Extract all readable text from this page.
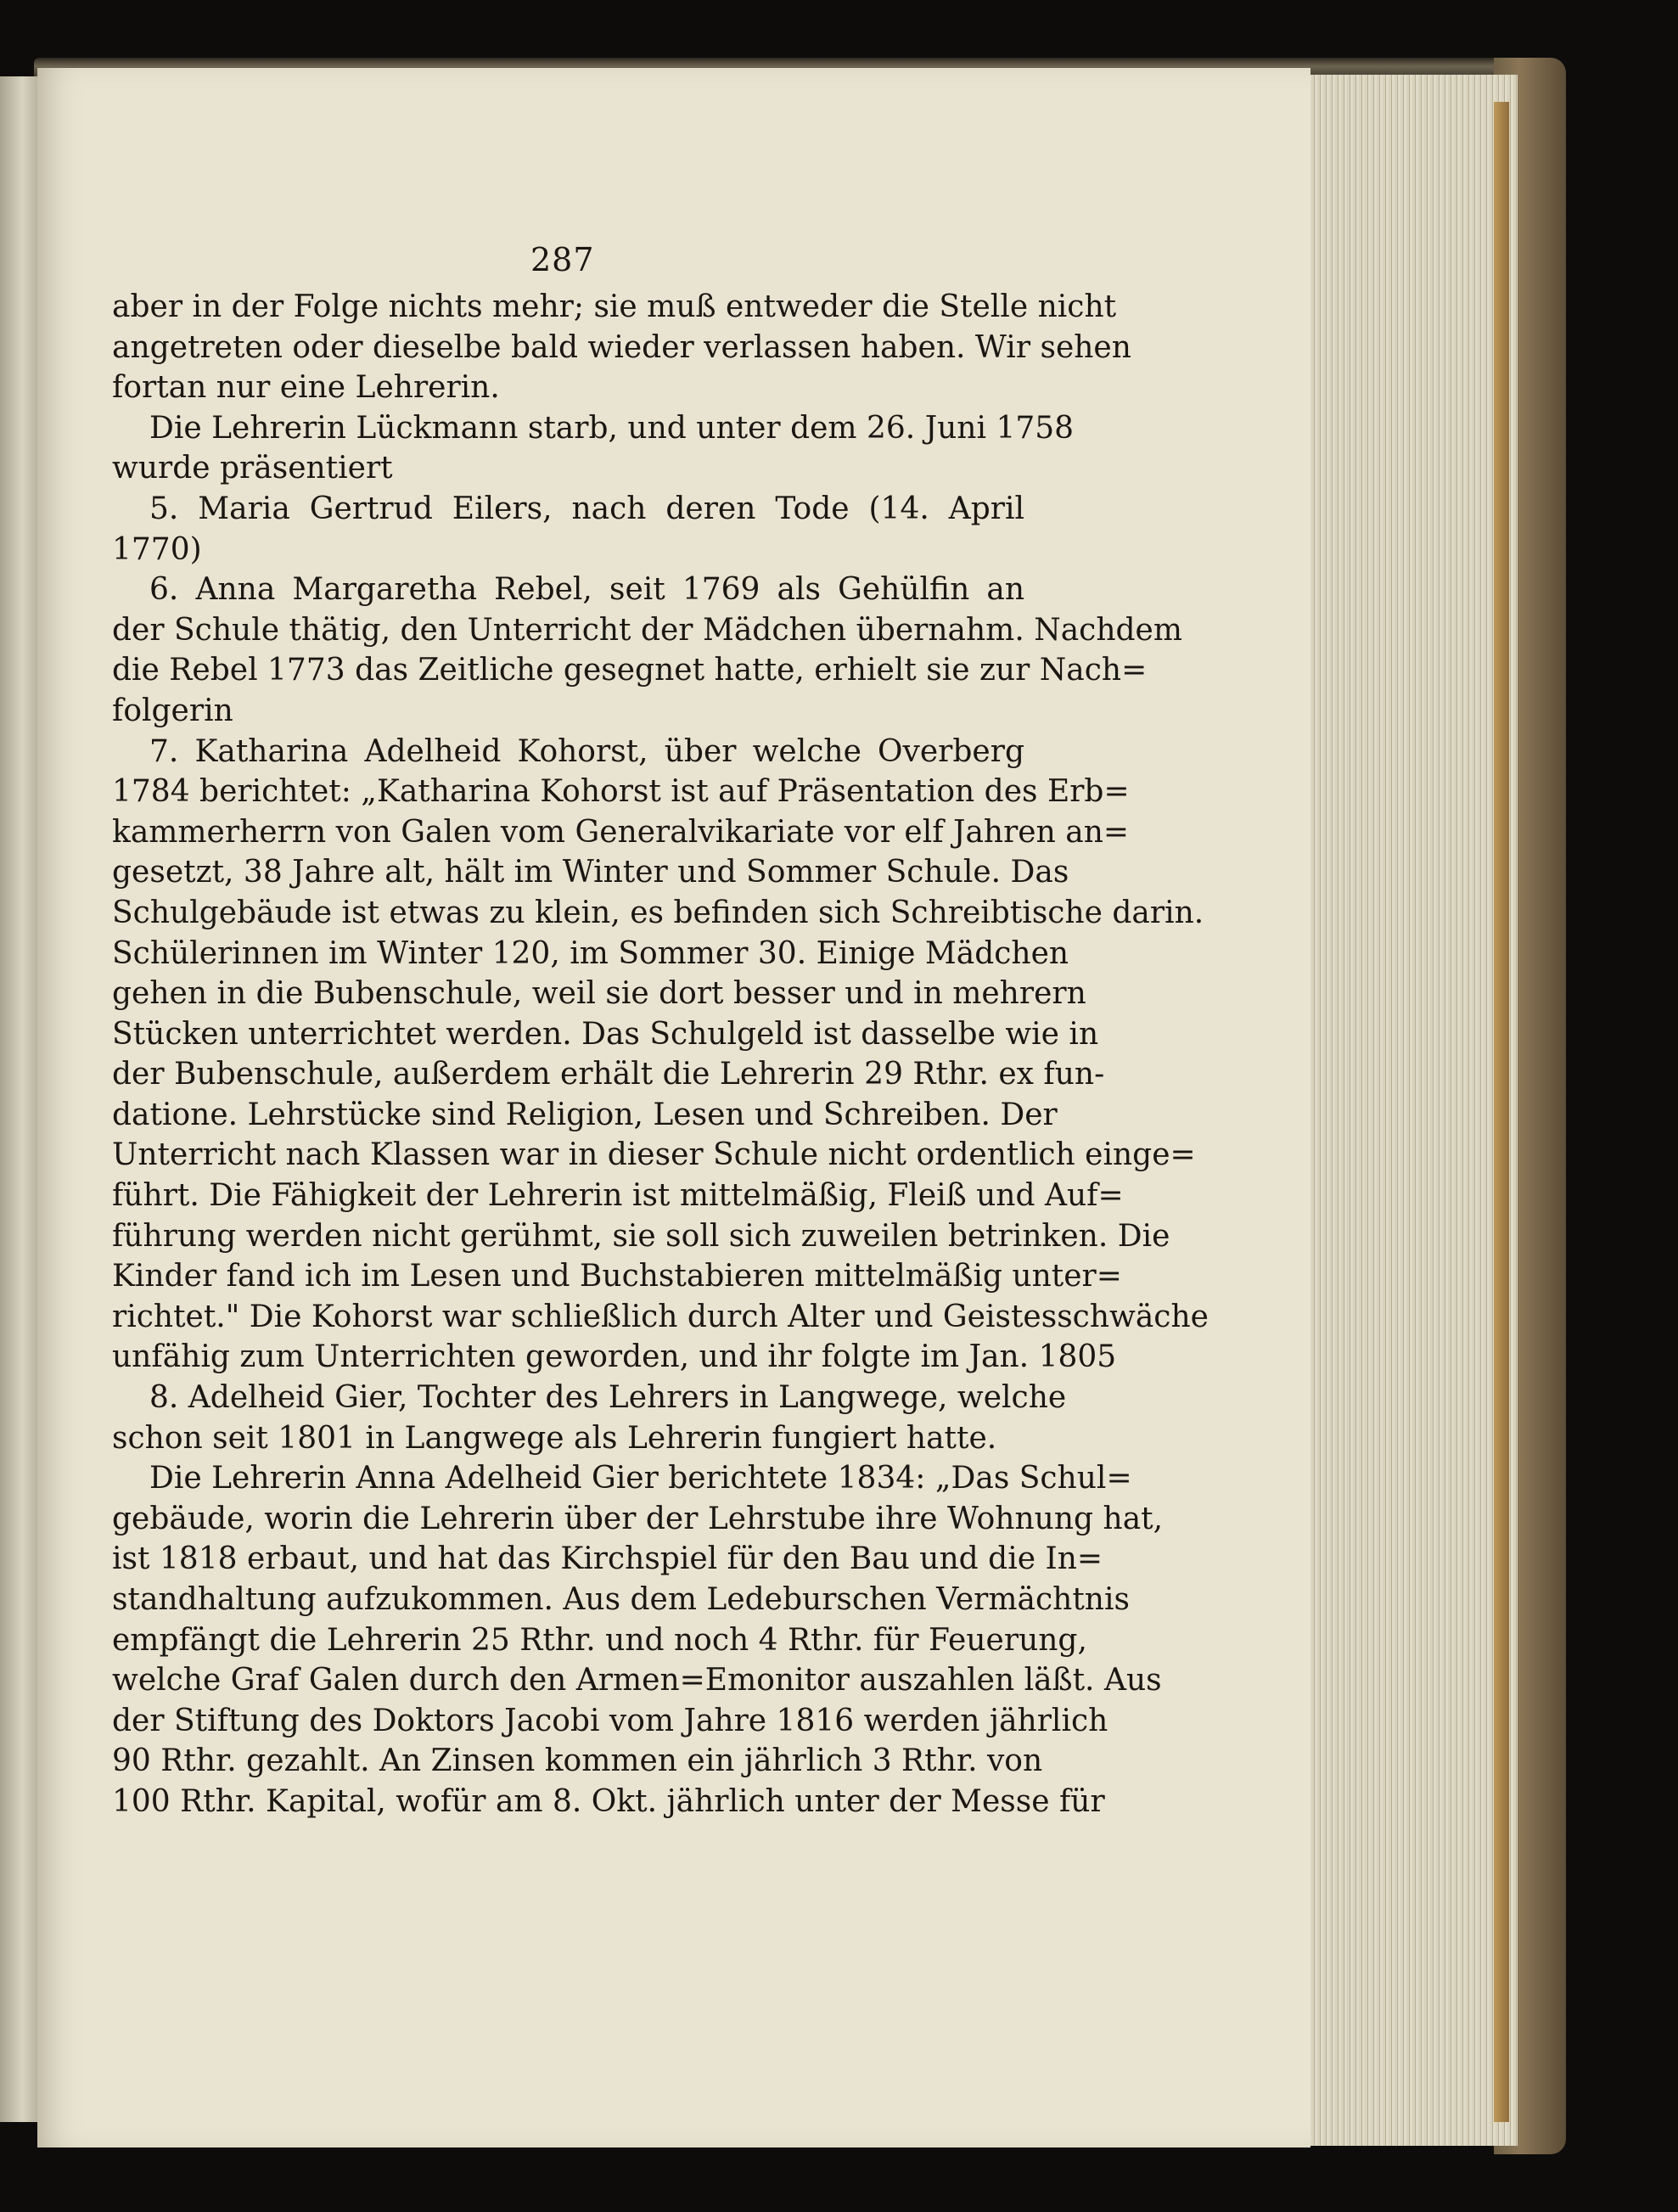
287
aber in der Folge nichts mehr; sie muß entweder die Stelle nicht
angetreten oder dieselbe bald wieder verlassen haben. Wir sehen
fortan nur eine Lehrerin.
Die Lehrerin Lückmann starb, und unter dem 26. Juni 1758
wurde präsentiert
5. Maria Gertrud Eilers, nach deren Tode (14. April
1770)
6. Anna Margaretha Rebel, seit 1769 als Gehülfin an
der Schule thätig, den Unterricht der Mädchen übernahm. Nachdem
die Rebel 1773 das Zeitliche gesegnet hatte, erhielt sie zur Nach=
folgerin
7. Katharina Adelheid Kohorst, über welche Overberg
1784 berichtet: „Katharina Kohorst ist auf Präsentation des Erb=
kammerherrn von Galen vom Generalvikariate vor elf Jahren an=
gesetzt, 38 Jahre alt, hält im Winter und Sommer Schule. Das
Schulgebäude ist etwas zu klein, es befinden sich Schreibtische darin.
Schülerinnen im Winter 120, im Sommer 30. Einige Mädchen
gehen in die Bubenschule, weil sie dort besser und in mehrern
Stücken unterrichtet werden. Das Schulgeld ist dasselbe wie in
der Bubenschule, außerdem erhält die Lehrerin 29 Rthr. ex fun-
datione. Lehrstücke sind Religion, Lesen und Schreiben. Der
Unterricht nach Klassen war in dieser Schule nicht ordentlich einge=
führt. Die Fähigkeit der Lehrerin ist mittelmäßig, Fleiß und Auf=
führung werden nicht gerühmt, sie soll sich zuweilen betrinken. Die
Kinder fand ich im Lesen und Buchstabieren mittelmäßig unter=
richtet." Die Kohorst war schließlich durch Alter und Geistesschwäche
unfähig zum Unterrichten geworden, und ihr folgte im Jan. 1805
8. Adelheid Gier, Tochter des Lehrers in Langwege, welche
schon seit 1801 in Langwege als Lehrerin fungiert hatte.
Die Lehrerin Anna Adelheid Gier berichtete 1834: „Das Schul=
gebäude, worin die Lehrerin über der Lehrstube ihre Wohnung hat,
ist 1818 erbaut, und hat das Kirchspiel für den Bau und die In=
standhaltung aufzukommen. Aus dem Ledeburschen Vermächtnis
empfängt die Lehrerin 25 Rthr. und noch 4 Rthr. für Feuerung,
welche Graf Galen durch den Armen=Emonitor auszahlen läßt. Aus
der Stiftung des Doktors Jacobi vom Jahre 1816 werden jährlich
90 Rthr. gezahlt. An Zinsen kommen ein jährlich 3 Rthr. von
100 Rthr. Kapital, wofür am 8. Okt. jährlich unter der Messe für
